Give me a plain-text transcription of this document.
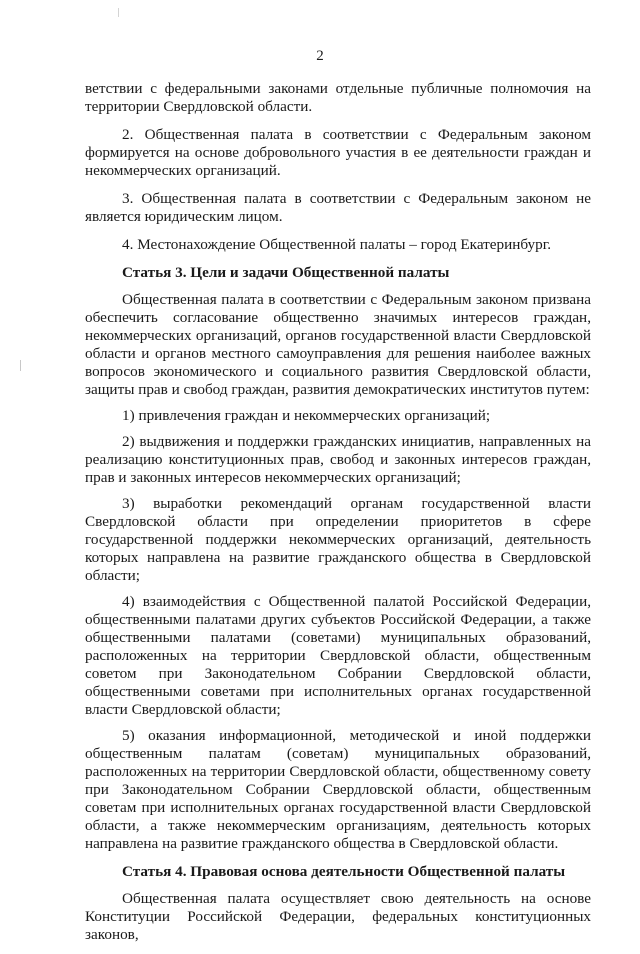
2

ветствии с федеральными законами отдельные публичные полномочия на территории Свердловской области.

2. Общественная палата в соответствии с Федеральным законом формируется на основе добровольного участия в ее деятельности граждан и некоммерческих организаций.

3. Общественная палата в соответствии с Федеральным законом не является юридическим лицом.

4. Местонахождение Общественной палаты – город Екатеринбург.

Статья 3. Цели и задачи Общественной палаты

Общественная палата в соответствии с Федеральным законом призвана обеспечить согласование общественно значимых интересов граждан, некоммерческих организаций, органов государственной власти Свердловской области и органов местного самоуправления для решения наиболее важных вопросов экономического и социального развития Свердловской области, защиты прав и свобод граждан, развития демократических институтов путем:

1) привлечения граждан и некоммерческих организаций;

2) выдвижения и поддержки гражданских инициатив, направленных на реализацию конституционных прав, свобод и законных интересов граждан, прав и законных интересов некоммерческих организаций;

3) выработки рекомендаций органам государственной власти Свердловской области при определении приоритетов в сфере государственной поддержки некоммерческих организаций, деятельность которых направлена на развитие гражданского общества в Свердловской области;

4) взаимодействия с Общественной палатой Российской Федерации, общественными палатами других субъектов Российской Федерации, а также общественными палатами (советами) муниципальных образований, расположенных на территории Свердловской области, общественным советом при Законодательном Собрании Свердловской области, общественными советами при исполнительных органах государственной власти Свердловской области;

5) оказания информационной, методической и иной поддержки общественным палатам (советам) муниципальных образований, расположенных на территории Свердловской области, общественному совету при Законодательном Собрании Свердловской области, общественным советам при исполнительных органах государственной власти Свердловской области, а также некоммерческим организациям, деятельность которых направлена на развитие гражданского общества в Свердловской области.

Статья 4. Правовая основа деятельности Общественной палаты

Общественная палата осуществляет свою деятельность на основе Конституции Российской Федерации, федеральных конституционных законов,
